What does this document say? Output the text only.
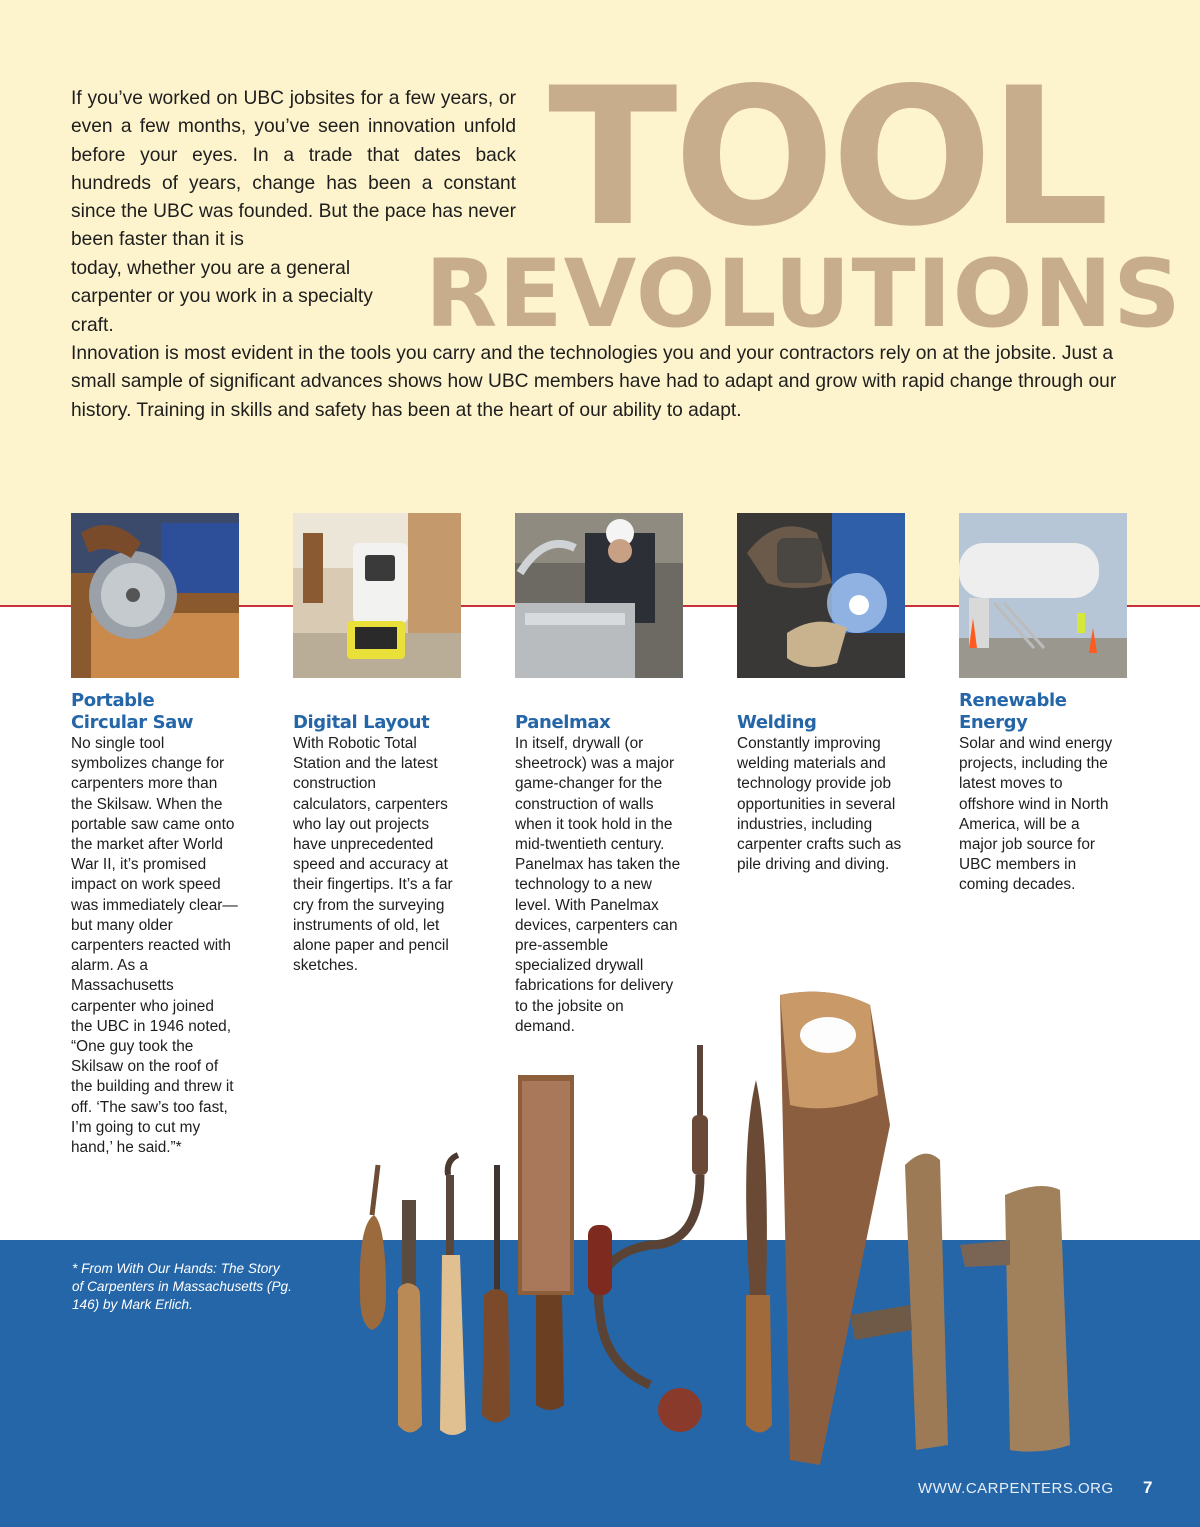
TOOL
REVOLUTIONS

If you’ve worked on UBC jobsites for a few years, or even a few months, you’ve seen innovation unfold before your eyes. In a trade that dates back hundreds of years, change has been a constant since the UBC was founded. But the pace has never been faster than it is

today, whether you are a general carpenter or you work in a specialty craft.

Innovation is most evident in the tools you carry and the technologies you and your contractors rely on at the jobsite. Just a small sample of significant advances shows how UBC members have had to adapt and grow with rapid change through our history. Training in skills and safety has been at the heart of our ability to adapt.

Portable Circular Saw

No single tool symbolizes change for carpenters more than the Skilsaw. When the portable saw came onto the market after World War II, it’s promised impact on work speed was immediately clear—but many older carpenters reacted with alarm. As a Massachusetts carpenter who joined the UBC in 1946 noted, “One guy took the Skilsaw on the roof of the building and threw it off. ‘The saw’s too fast, I’m going to cut my hand,’ he said.”*

Digital Layout

With Robotic Total Station and the latest construction calculators, carpenters who lay out projects have unprecedented speed and accuracy at their fingertips. It’s a far cry from the surveying instruments of old, let alone paper and pencil sketches.

Panelmax

In itself, drywall (or sheetrock) was a major game-changer for the construction of walls when it took hold in the mid-twentieth century. Panelmax has taken the technology to a new level. With Panelmax devices, carpenters can pre-assemble specialized drywall fabrications for delivery to the jobsite on demand.

Welding

Constantly improving welding materials and technology provide job opportunities in several industries, including carpenter crafts such as pile driving and diving.

Renewable Energy

Solar and wind energy projects, including the latest moves to offshore wind in North America, will be a major job source for UBC members in coming decades.

* From With Our Hands: The Story of Carpenters in Massachusetts (Pg. 146) by Mark Erlich.

WWW.CARPENTERS.ORG 7
